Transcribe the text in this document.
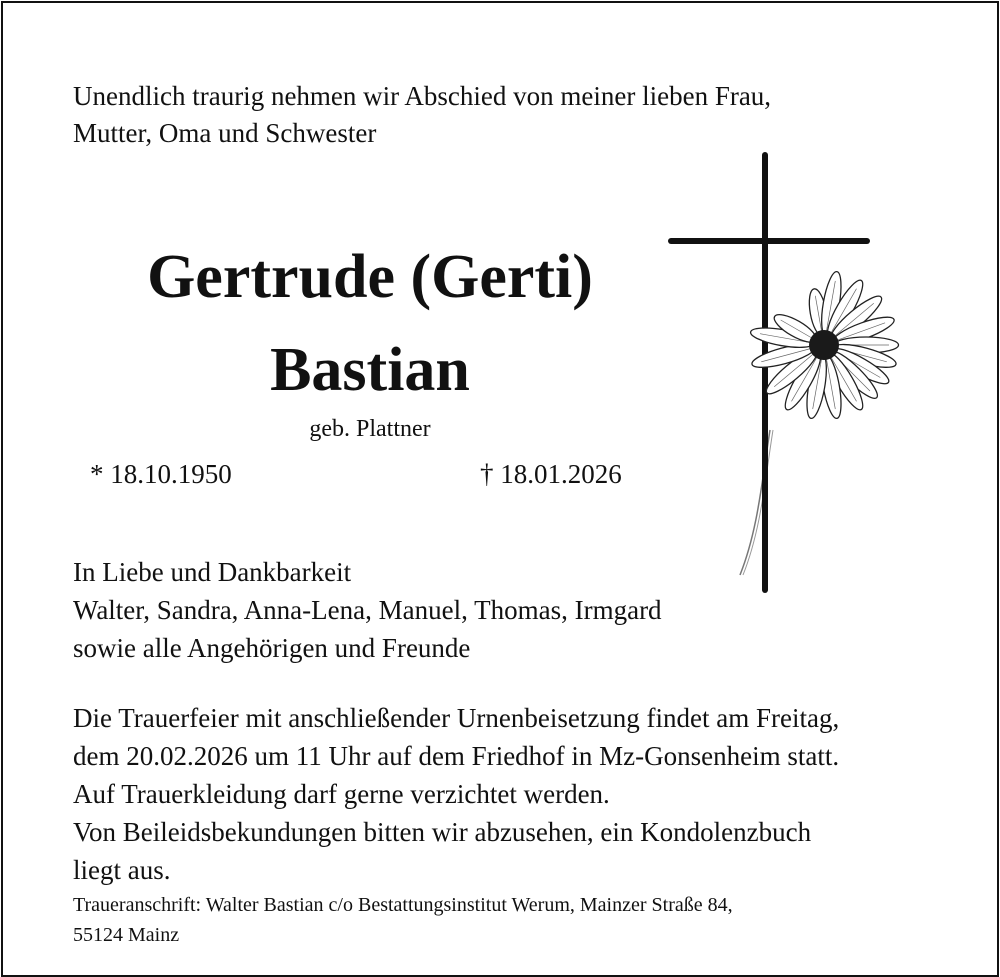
Unendlich traurig nehmen wir Abschied von meiner lieben Frau,
Mutter, Oma und Schwester
Gertrude (Gerti)
Bastian
geb. Plattner
* 18.10.1950	† 18.01.2026
In Liebe und Dankbarkeit
Walter, Sandra, Anna-Lena, Manuel, Thomas, Irmgard
sowie alle Angehörigen und Freunde
Die Trauerfeier mit anschließender Urnenbeisetzung findet am Freitag,
dem 20.02.2026 um 11 Uhr auf dem Friedhof in Mz-Gonsenheim statt.
Auf Trauerkleidung darf gerne verzichtet werden.
Von Beileidsbekundungen bitten wir abzusehen, ein Kondolenzbuch
liegt aus.
Traueranschrift: Walter Bastian c/o Bestattungsinstitut Werum, Mainzer Straße 84,
55124 Mainz
